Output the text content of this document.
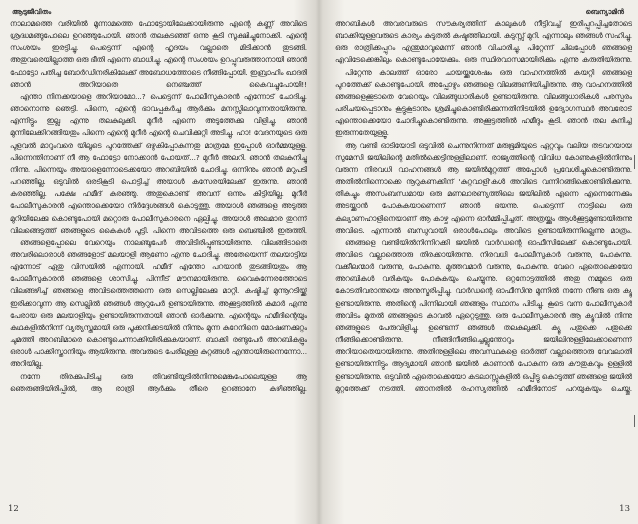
ആടുജീവിതം

നാലാമത്തെ വരിയിൽ മൂന്നാമത്തെ ഫോട്ടോയിലേക്കായിരുന്നു എന്റെ കണ്ണ് അവിടെ ശ്രദ്ധമങ്ങുപോലെ ഉറഞ്ഞുപോയി. ഞാൻ തലകുടഞ്ഞ് ഒന്നു കൂടി സൂക്ഷിച്ചുനോക്കി. എന്റെ സംശയം ഇരട്ടിച്ചു. പെട്ടെന്ന് എന്റെ ഹൃദയം വല്ലാതെ മിടിക്കാൻ തുടങ്ങി. അതുവരെയില്ലാത്ത ഒരു ഭീതി എന്നെ ബാധിച്ചു. എന്റെ സംശയം ഉറപ്പുവരുത്താനായി ഞാൻ ഫോട്ടോ പതിച്ച ബോർഡിനരികിലേക്ക് അബോധത്തോടെ നീങ്ങിപ്പോയി. ഇബ്രാഹിം ഖാദരി ഞാൻ അറിയാതെ നെഞ്ചത്ത് കൈവച്ചുപോയി!!

എന്താ നിനക്കയാളെ അറിയാമോ...? പെട്ടെന്ന് പോലീസുകാരൻ എന്നോട് ചോദിച്ചു. ഞാനൊന്നു ഞെട്ടി. പിന്നെ, എന്റെ ഭാവപ്പകർച്ച ആർക്കും മനസ്സിലാവുന്നതായിരുന്നു. എന്നിട്ടും ഇല്ല എന്നു തലകുലുക്കി. മുറീർ എന്നെ അടുത്തേക്കു വിളിച്ചു. ഞാൻ മുന്നിലേക്കിറങ്ങിയതും പിന്നെ എന്റെ മുറീർ എന്റെ ചെവിക്കുറ്റി അടിച്ചു. ഹാ! വേദനയുടെ ഒരു പുളവൽ മാറുംവരെ യിലൂടെ പുറത്തേക്ക് ഒഴുകിപ്പോകുന്നതു മാത്രമേ ഇപ്പോൾ ഓർമ്മയുള്ളൂ. പിന്നെന്തിനാണ് നീ ആ ഫോട്ടോ നോക്കാൻ പോയത്...? മുറീർ അലറി. ഞാൻ തലകുനിച്ചു നിന്നു. പിന്നെയും അയാളെന്നോടെക്കയോ അറബിയിൽ ചോദിച്ചു. ഒന്നിനും ഞാൻ മറുപടി പറഞ്ഞില്ല. ഒടുവിൽ ഒരടികൂടി പൊട്ടിച്ച് അയാൾ കസേരയിലേക്ക് ഇരുന്നു. ഞാൻ കരഞ്ഞില്ല. പക്ഷേ ഹമീദ് കരഞ്ഞു. അതുകൊണ്ട് അവന് ഒന്നും കിട്ടിയില്ല. മുറീർ പോലീസുകാരൻ എന്തൊക്കെയോ നിർദ്ദേശങ്ങൾ കൊടുത്തു. അയാൾ ഞങ്ങളെ അടുത്ത മുറിയിലേക്കു കൊണ്ടുപോയി മറ്റൊരു പോലീസുകാരനെ ഏല്പിച്ചു. അയാൾ അലമാര തുറന്ന് വിലങ്ങെടുത്ത് ഞങ്ങളുടെ കൈകൾ പൂട്ടി. പിന്നെ അവിടത്തെ ഒരു ബെഞ്ചിൽ ഇരുത്തി.

ഞങ്ങളെപ്പോലെ വേറെയും നാലഞ്ചുപേർ അവിടിരിപ്പുണ്ടായിരുന്നു. വിലങ്ങിടാതെ അവരിലൊരാൾ ഞങ്ങളോട് മലയാളി ആണോ എന്നു ചോദിച്ചു. അതേയെന്ന് തലയാട്ടിയ എന്നോട് ഏതു വിസയിൽ എന്നായി. ഹമീദ് എന്തോ പറയാൻ തുടങ്ങിയതും ആ പോലീസുകാരൻ ഞങ്ങളെ ശാസിച്ചു. പിന്നീട് മൗനമായിരുന്നു. വൈകുന്നേരത്തോടെ വിലങ്ങഴിച്ച് ഞങ്ങളെ അവിടത്തെത്തന്നെ ഒരു സെല്ലിലേക്കു മാറ്റി. കഷ്ടിച്ച് മുന്നൂറടിയ്ക്ക് ഇരിക്കാവുന്ന ആ സെല്ലിൽ ഞങ്ങൾ ആറുപേർ ഉണ്ടായിരുന്നു. അക്കൂട്ടത്തിൽ കുമാർ എന്നു പേരായ ഒരു മലയാളിയും ഉണ്ടായിരുന്നതായി ഞാൻ ഓർക്കുന്നു. എന്റെയും ഹമീദിന്റെയും കഥകളിൽനിന്ന് വ്യത്യസ്തമായി ഒരു പൂക്കനിക്കടയിൽ നിന്നും മുന്ന കുറേനിനെ മോഷണക്കുറ്റം ചുമത്തി അറബിമാരെ കൊണ്ടുചെന്നാക്കിയിരിക്കുകയാണ്. ബാക്കി രണ്ടുപേർ അറബികളും ഒരാൾ പാക്കിസ്താനിയും ആയിരുന്നു. അവരുടെ പേരിലുള്ള കുറ്റങ്ങൾ എന്തായിരുന്നെന്നോ... അറിയില്ല.

നന്നേ തിരക്കുപിടിച്ച ഒരു തിവണ്ടിയുടിൽനിന്നുമെങ്കുപോലെയുള്ള ആ ഞെരുങ്ങിയിരിപ്പിൽ, ആ രാത്രി ആർക്കും തീരെ ഉറങ്ങാനേ കഴിഞ്ഞില്ല.

12
ബെന്യാമിൻ

അറബികൾ അവരവരുടെ സൗകര്യത്തിന് കാലുകൾ നീട്ടിവച്ച് ഇരിപ്പുറപ്പിച്ചതോടെ ബാക്കിയുള്ളവരുടെ കാര്യം കുടുതൽ കഷ്ടത്തിലായി. കുടുസ്സ് മുറി. എന്നാലും ഞങ്ങൾ സഹിച്ചു. ഒരു രാത്രിക്കപ്പുറം എന്തുമാവുമെന്ന് ഞാൻ വിചാരിച്ചു. പിറ്റേന്ന് ചിലപ്പോൾ ഞങ്ങളെ എവിടേക്കെങ്കിലും കൊണ്ടുപോയേക്കും. ഒരു സ്ഥിരവാസമായിരിക്കും എന്നു കരുതിയിരുന്നു.

പിറ്റേന്നു കാലത്ത് ഓരോ ചായയ്ക്കുശേഷം ഒരു വാഹനത്തിൽ കയറ്റി ഞങ്ങളെ പുറത്തേക്ക് കൊണ്ടുപോയി. അപ്പോഴും ഞങ്ങളെ വിലങ്ങണിയിച്ചിരുന്നു. ആ വാഹനത്തിൽ ഞങ്ങളെക്കൂടാതെ വേറെയും വിലങ്ങുധാരികൾ ഉണ്ടായിരുന്നു. വിലങ്ങുധാരികൾ പരസ്പരം പരിചയപ്പെടാനും കൂട്ടുകൂടാനും ശ്രമിച്ചുകൊണ്ടിരിക്കുന്നതിനിടയിൽ ഉദ്യോഗസ്ഥർ അവരോട് എന്തൊക്കെയോ ചോദിച്ചുകൊണ്ടിരുന്നു. അക്കൂട്ടത്തിൽ ഹമീദും കൂടി. ഞാൻ തല കുനിച്ച് ഇരുന്നതേയുള്ളൂ.

ആ വണ്ടി ഓടിയോടി ഒടുവിൽ ചെന്നുനിന്നത് മരുഭൂമിയുടെ ഏറ്റവും വലിയ തടവറയായ സുമേസി ജയിലിന്റെ മതിൽക്കെട്ടിനുള്ളിലാണ്. രാജ്യത്തിന്റെ വിവിധ കോണുകളിൽനിന്നും വരുന്ന നിരവധി വാഹനങ്ങൾ ആ ജയിൽമുറ്റത്ത് അപ്പോൾ പ്രവേശിച്ചുകൊണ്ടിരുന്നു. അതിൽനിന്നൊക്കെ നൂറുകണക്കിന് 'കുറ്റവാളി'കൾ അവിടെ വന്നിറങ്ങിക്കൊണ്ടിരിക്കുന്നു. തികച്ചും അസംബന്ധമായ ഒരു മണലാരണ്യത്തിലെ ജയിലിൽ എന്നെ എന്നെന്നേക്കും അടയ്ക്കാൻ പോകുകയാണെന്ന് ഞാൻ ഭയന്നു. പെട്ടെന്ന് നാട്ടിലെ ഒരു കല്യാണഹാളിനെയാണ് ആ കാഴ്ച എന്നെ ഓർമ്മിപ്പിച്ചത്. അത്രയ്ക്കും ആൾക്കൂട്ടമുണ്ടായിരുന്നു അവിടെ. എന്നാൽ ബന്ധുവായി ഒരാൾപോലും അവിടെ ഉണ്ടായിരുന്നില്ലെന്നു മാത്രം.

ഞങ്ങളെ വണ്ടിയിൽനിന്നിറക്കി ജയിൽ വാർഡന്റെ ഓഫീസിലേക്ക് കൊണ്ടുപോയി. അവിടെ വല്ലാത്തൊരു തിരക്കായിരുന്നു. നിരവധി പോലീസുകാർ വരുന്നു, പോകുന്നു. വക്കീലന്മാർ വരുന്നു, പോകുന്നു. മുത്തവമാർ വരുന്നു, പോകുന്നു. വേറെ ഏതൊക്കെയോ അറബികൾ വരികയും പോകുകയും ചെയ്യുന്നു. ഒറ്റനോട്ടത്തിൽ അതു നമ്മുടെ ഒരു കോടതിവരാന്തയെ അനുസ്മരിപ്പിച്ചു. വാർഡന്റെ ഓഫീസിനു മുന്നിൽ നന്നേ നീണ്ട ഒരു ക്യൂ ഉണ്ടായിരുന്നു. അതിന്റെ പിന്നിലായി ഞങ്ങളും സ്ഥാനം പിടിച്ചു. കൂടെ വന്ന പോലീസുകാർ അവിടം മുതൽ ഞങ്ങളുടെ കാവൽ ഏറ്റെടുത്തു. ഒരു പോലീസുകാരൻ ആ ക്യൂവിൽ നിന്നു ഞങ്ങളുടെ പേരുവിളിച്ചു. ഉണ്ടെന്ന് ഞങ്ങൾ തലകുലുക്കി. ക്യൂ പതുക്കെ പതുക്കെ നീങ്ങിക്കൊണ്ടിരുന്നു. നീങ്ങിനീങ്ങിച്ചെല്ലുന്തോറും ജയിലിനുള്ളിലേക്കാണെന്ന് അറിയാതെയായിരുന്നു. അതിനുള്ളിലെ അവസ്ഥകളെ ഓർത്ത് വല്ലാത്തൊരു വേവലാതി ഉണ്ടായിരുന്നിട്ടും ആദ്യമായി ഞാൻ ജയിൽ കാണാൻ പോകുന്ന ഒരു കൗതുകവും ഉള്ളിൽ ഉണ്ടായിരുന്നു. ഒടുവിൽ ഏതൊക്കെയോ കടലാസ്സുകളിൽ ഒപ്പിട്ടു കൊടുത്ത് ഞങ്ങളെ ജയിൽ മുറ്റത്തേക്ക് നടത്തി. ഞാനതിൽ രഹസ്യത്തിൽ ഹമീദിനോട് പറയുകയും ചെയ്തു.

13
